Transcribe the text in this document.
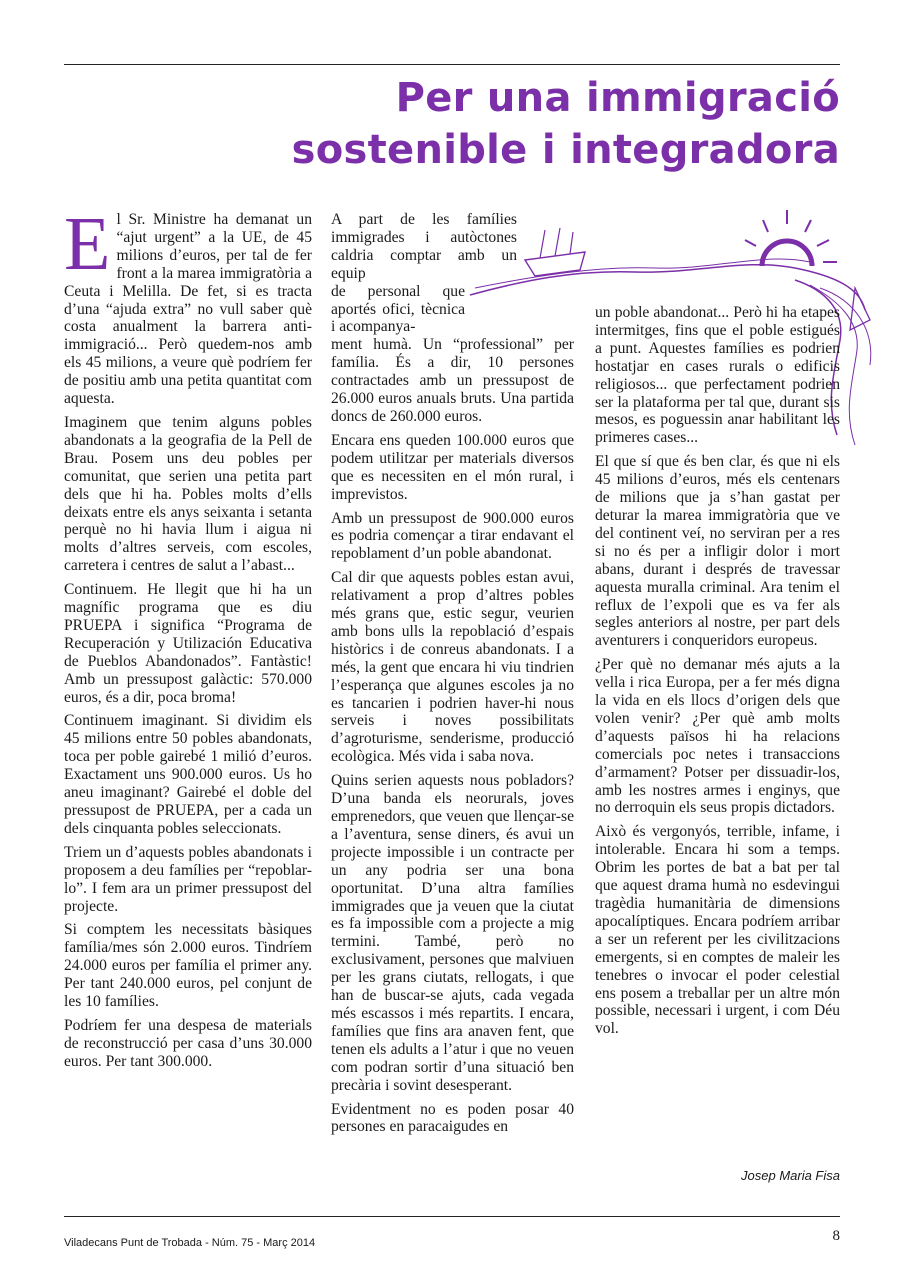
Per una immigració
sostenible i integradora

El Sr. Ministre ha demanat un “ajut urgent” a la UE, de 45 milions d’euros, per tal de fer front a la marea immigratòria a Ceuta i Melilla. De fet, si es tracta d’una “ajuda extra” no vull saber què costa anualment la barrera anti-immigració... Però quedem-nos amb els 45 milions, a veure què podríem fer de positiu amb una petita quantitat com aquesta.

Imaginem que tenim alguns pobles abandonats a la geografia de la Pell de Brau. Posem uns deu pobles per comunitat, que serien una petita part dels que hi ha. Pobles molts d’ells deixats entre els anys seixanta i setanta perquè no hi havia llum i aigua ni molts d’altres serveis, com escoles, carretera i centres de salut a l’abast...

Continuem. He llegit que hi ha un magnífic programa que es diu PRUEPA i significa “Programa de Recuperación y Utilización Educativa de Pueblos Abandonados”. Fantàstic! Amb un pressupost galàctic: 570.000 euros, és a dir, poca broma!

Continuem imaginant. Si dividim els 45 milions entre 50 pobles abandonats, toca per poble gairebé 1 milió d’euros. Exactament uns 900.000 euros. Us ho aneu imaginant? Gairebé el doble del pressupost de PRUEPA, per a cada un dels cinquanta pobles seleccionats.

Triem un d’aquests pobles abandonats i proposem a deu famílies per “repoblar-lo”. I fem ara un primer pressupost del projecte.

Si comptem les necessitats bàsiques família/mes són 2.000 euros. Tindríem 24.000 euros per família el primer any. Per tant 240.000 euros, pel conjunt de les 10 famílies.

Podríem fer una despesa de materials de reconstrucció per casa d’uns 30.000 euros. Per tant 300.000.

A part de les famílies immigrades i autòctones caldria comptar amb un equip
de personal que aportés ofici, tècnica i acompanya-
ment humà. Un “professional” per família. És a dir, 10 persones contractades amb un pressupost de 26.000 euros anuals bruts. Una partida doncs de 260.000 euros.

Encara ens queden 100.000 euros que podem utilitzar per materials diversos que es necessiten en el món rural, i imprevistos.

Amb un pressupost de 900.000 euros es podria començar a tirar endavant el repoblament d’un poble abandonat.

Cal dir que aquests pobles estan avui, relativament a prop d’altres pobles més grans que, estic segur, veurien amb bons ulls la repoblació d’espais històrics i de conreus abandonats. I a més, la gent que encara hi viu tindrien l’esperança que algunes escoles ja no es tancarien i podrien haver-hi nous serveis i noves possibilitats d’agroturisme, senderisme, producció ecològica. Més vida i saba nova.

Quins serien aquests nous pobladors? D’una banda els neorurals, joves emprenedors, que veuen que llençar-se a l’aventura, sense diners, és avui un projecte impossible i un contracte per un any podria ser una bona oportunitat. D’una altra famílies immigrades que ja veuen que la ciutat es fa impossible com a projecte a mig termini. També, però no exclusivament, persones que malviuen per les grans ciutats, rellogats, i que han de buscar-se ajuts, cada vegada més escassos i més repartits. I encara, famílies que fins ara anaven fent, que tenen els adults a l’atur i que no veuen com podran sortir d’una situació ben precària i sovint desesperant.

Evidentment no es poden posar 40 persones en paracaigudes en

un poble abandonat... Però hi ha etapes intermitges, fins que el poble estigués a punt. Aquestes famílies es podrien hostatjar en cases rurals o edificis religiosos... que perfectament podrien ser la plataforma per tal que, durant sis mesos, es poguessin anar habilitant les primeres cases...

El que sí que és ben clar, és que ni els 45 milions d’euros, més els centenars de milions que ja s’han gastat per deturar la marea immigratòria que ve del continent veí, no serviran per a res si no és per a infligir dolor i mort abans, durant i després de travessar aquesta muralla criminal. Ara tenim el reflux de l’expoli que es va fer als segles anteriors al nostre, per part dels aventurers i conqueridors europeus.

¿Per què no demanar més ajuts a la vella i rica Europa, per a fer més digna la vida en els llocs d’origen dels que volen venir? ¿Per què amb molts d’aquests països hi ha relacions comercials poc netes i transaccions d’armament? Potser per dissuadir-los, amb les nostres armes i enginys, que no derroquin els seus propis dictadors.

Això és vergonyós, terrible, infame, i intolerable. Encara hi som a temps. Obrim les portes de bat a bat per tal que aquest drama humà no esdevingui tragèdia humanitària de dimensions apocalíptiques. Encara podríem arribar a ser un referent per les civilitzacions emergents, si en comptes de maleir les tenebres o invocar el poder celestial ens posem a treballar per un altre món possible, necessari i urgent, i com Déu vol.

Josep Maria Fisa
Viladecans Punt de Trobada - Núm. 75 - Març 2014	8
